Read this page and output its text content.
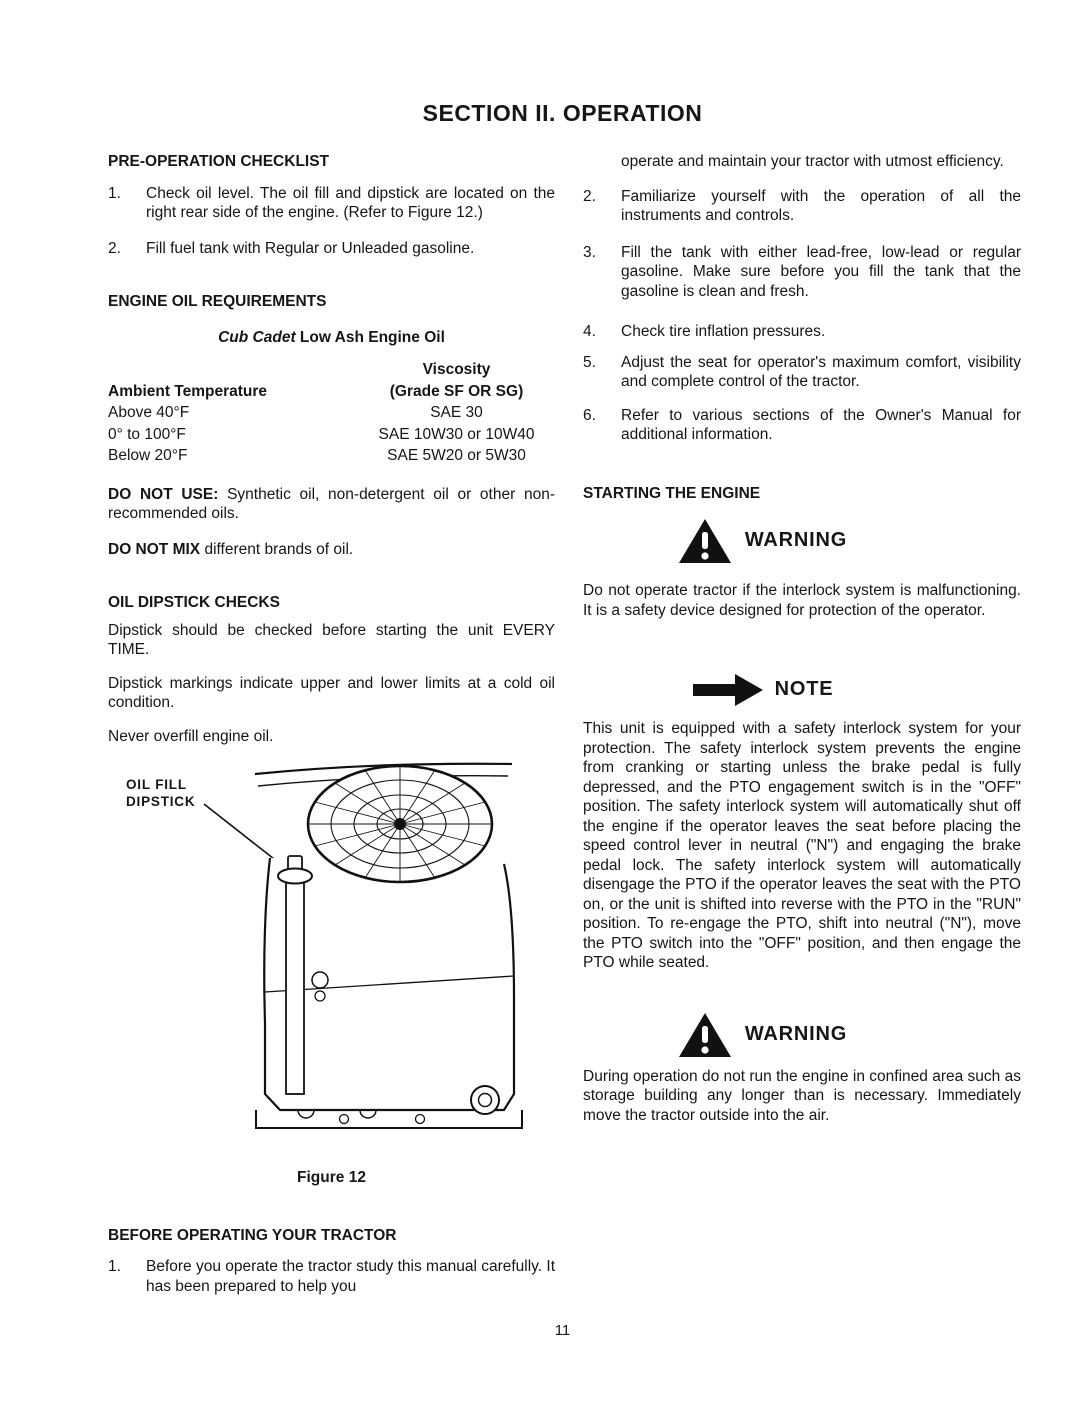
SECTION II. OPERATION
PRE-OPERATION CHECKLIST
1.	Check oil level. The oil fill and dipstick are located on the right rear side of the engine. (Refer to Figure 12.)
2.	Fill fuel tank with Regular or Unleaded gasoline.
ENGINE OIL REQUIREMENTS
Cub Cadet Low Ash Engine Oil
Viscosity
Ambient Temperature	(Grade SF OR SG)
Above 40°F	SAE 30
0° to 100°F	SAE 10W30 or 10W40
Below 20°F	SAE 5W20 or 5W30
DO NOT USE: Synthetic oil, non-detergent oil or other non-recommended oils.
DO NOT MIX different brands of oil.
OIL DIPSTICK CHECKS
Dipstick should be checked before starting the unit EVERY TIME.
Dipstick markings indicate upper and lower limits at a cold oil condition.
Never overfill engine oil.
OIL FILL
DIPSTICK
Figure 12
BEFORE OPERATING YOUR TRACTOR
1.	Before you operate the tractor study this manual carefully. It has been prepared to help you
operate and maintain your tractor with utmost efficiency.
2.	Familiarize yourself with the operation of all the instruments and controls.
3.	Fill the tank with either lead-free, low-lead or regular gasoline. Make sure before you fill the tank that the gasoline is clean and fresh.
4.	Check tire inflation pressures.
5.	Adjust the seat for operator's maximum comfort, visibility and complete control of the tractor.
6.	Refer to various sections of the Owner's Manual for additional information.
STARTING THE ENGINE
WARNING
Do not operate tractor if the interlock system is malfunctioning. It is a safety device designed for protection of the operator.
NOTE
This unit is equipped with a safety interlock system for your protection. The safety interlock system prevents the engine from cranking or starting unless the brake pedal is fully depressed, and the PTO engagement switch is in the "OFF" position. The safety interlock system will automatically shut off the engine if the operator leaves the seat before placing the speed control lever in neutral ("N") and engaging the brake pedal lock. The safety interlock system will automatically disengage the PTO if the operator leaves the seat with the PTO on, or the unit is shifted into reverse with the PTO in the "RUN" position. To re-engage the PTO, shift into neutral ("N"), move the PTO switch into the "OFF" position, and then engage the PTO while seated.
WARNING
During operation do not run the engine in confined area such as storage building any longer than is necessary. Immediately move the tractor outside into the air.
11
